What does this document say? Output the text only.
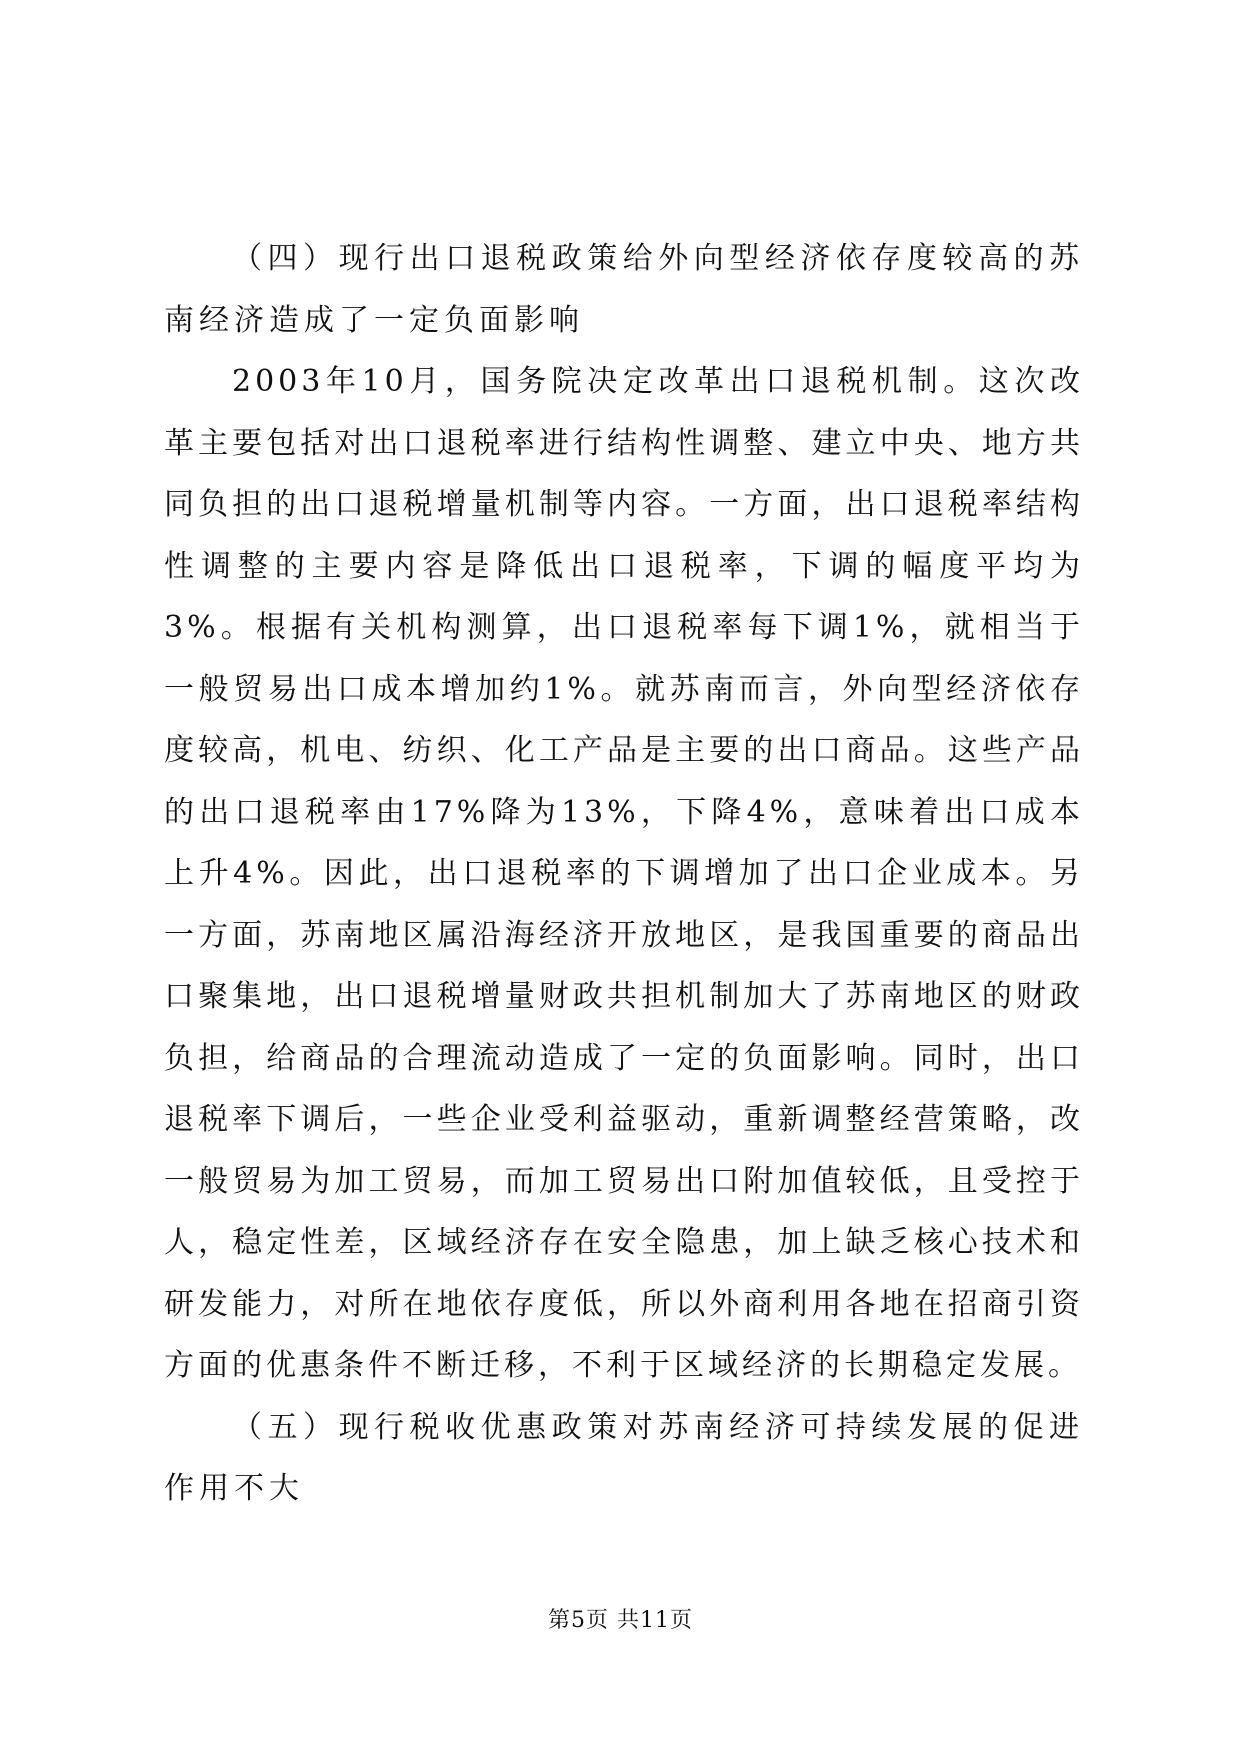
（四）现行出口退税政策给外向型经济依存度较高的苏南经济造成了一定负面影响

2003年10月，国务院决定改革出口退税机制。这次改革主要包括对出口退税率进行结构性调整、建立中央、地方共同负担的出口退税增量机制等内容。一方面，出口退税率结构性调整的主要内容是降低出口退税率，下调的幅度平均为3%。根据有关机构测算，出口退税率每下调1%，就相当于一般贸易出口成本增加约1%。就苏南而言，外向型经济依存度较高，机电、纺织、化工产品是主要的出口商品。这些产品的出口退税率由17%降为13%，下降4%，意味着出口成本上升4%。因此，出口退税率的下调增加了出口企业成本。另一方面，苏南地区属沿海经济开放地区，是我国重要的商品出口聚集地，出口退税增量财政共担机制加大了苏南地区的财政负担，给商品的合理流动造成了一定的负面影响。同时，出口退税率下调后，一些企业受利益驱动，重新调整经营策略，改一般贸易为加工贸易，而加工贸易出口附加值较低，且受控于人，稳定性差，区域经济存在安全隐患，加上缺乏核心技术和研发能力，对所在地依存度低，所以外商利用各地在招商引资方面的优惠条件不断迁移，不利于区域经济的长期稳定发展。

（五）现行税收优惠政策对苏南经济可持续发展的促进作用不大

第5页 共11页
